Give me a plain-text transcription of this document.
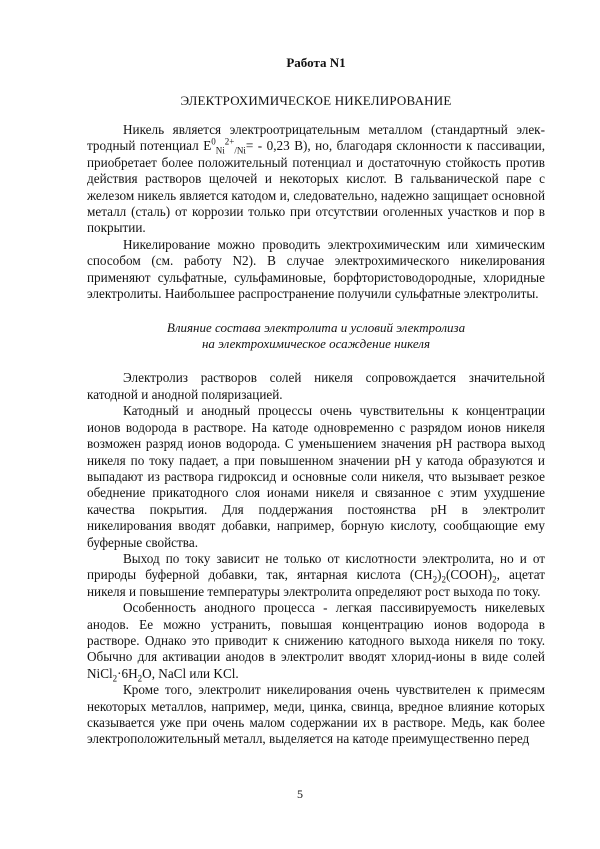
Работа N1
ЭЛЕКТРОХИМИЧЕСКОЕ НИКЕЛИРОВАНИЕ

Никель является электроотрицательным металлом (стандартный элек-тродный потенциал $E^0_{Ni}^{2+}_{/Ni}= - 0,23$ В), но, благодаря склонности к пассивации, приобретает более положительный потенциал и достаточную стойкость против действия растворов щелочей и некоторых кислот. В гальванической паре с железом никель является катодом и, следовательно, надежно защищает основной металл (сталь) от коррозии только при отсутствии оголенных участков и пор в покрытии.

Никелирование можно проводить электрохимическим или химическим способом (см. работу N2). В случае электрохимического никелирования применяют сульфатные, сульфаминовые, борфтористоводородные, хлоридные электролиты. Наибольшее распространение получили сульфатные электролиты.

Влияние состава электролита и условий электролиза
на электрохимическое осаждение никеля

Электролиз растворов солей никеля сопровождается значительной катодной и анодной поляризацией.

Катодный и анодный процессы очень чувствительны к концентрации ионов водорода в растворе. На катоде одновременно с разрядом ионов никеля возможен разряд ионов водорода. С уменьшением значения pH раствора выход никеля по току падает, а при повышенном значении pH у катода образуются и выпадают из раствора гидроксид и основные соли никеля, что вызывает резкое обеднение прикатодного слоя ионами никеля и связанное с этим ухудшение качества покрытия. Для поддержания постоянства pH в электролит никелирования вводят добавки, например, борную кислоту, сообщающие ему буферные свойства.

Выход по току зависит не только от кислотности электролита, но и от природы буферной добавки, так, янтарная кислота $(CH_2)_2(COOH)_2$, ацетат никеля и повышение температуры электролита определяют рост выхода по току.

Особенность анодного процесса - легкая пассивируемость никелевых анодов. Ее можно устранить, повышая концентрацию ионов водорода в растворе. Однако это приводит к снижению катодного выхода никеля по току. Обычно для активации анодов в электролит вводят хлорид-ионы в виде солей $NiCl_2\cdot 6H_2O$, NaCl или KCl.

Кроме того, электролит никелирования очень чувствителен к примесям некоторых металлов, например, меди, цинка, свинца, вредное влияние которых сказывается уже при очень малом содержании их в растворе. Медь, как более электроположительный металл, выделяется на катоде преимущественно перед

5
